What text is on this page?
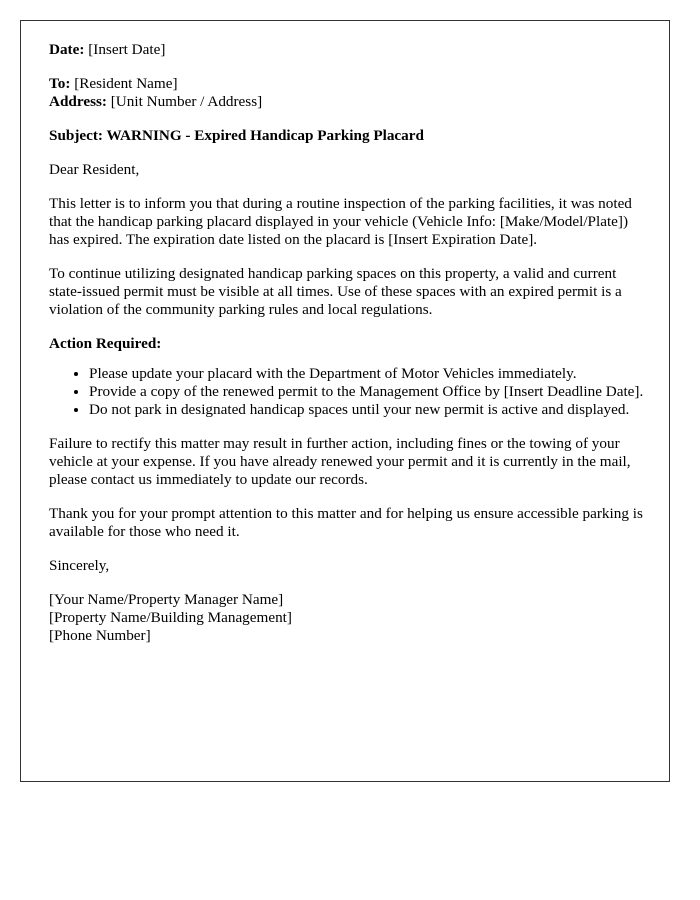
Date: [Insert Date]

To: [Resident Name]

Address: [Unit Number / Address]

Subject: WARNING - Expired Handicap Parking Placard

Dear Resident,

This letter is to inform you that during a routine inspection of the parking facilities, it was noted that the handicap parking placard displayed in your vehicle (Vehicle Info: [Make/Model/Plate]) has expired. The expiration date listed on the placard is [Insert Expiration Date].

To continue utilizing designated handicap parking spaces on this property, a valid and current state-issued permit must be visible at all times. Use of these spaces with an expired permit is a violation of the community parking rules and local regulations.

Action Required:

• Please update your placard with the Department of Motor Vehicles immediately.
• Provide a copy of the renewed permit to the Management Office by [Insert Deadline Date].
• Do not park in designated handicap spaces until your new permit is active and displayed.

Failure to rectify this matter may result in further action, including fines or the towing of your vehicle at your expense. If you have already renewed your permit and it is currently in the mail, please contact us immediately to update our records.

Thank you for your prompt attention to this matter and for helping us ensure accessible parking is available for those who need it.

Sincerely,

[Your Name/Property Manager Name]

[Property Name/Building Management]

[Phone Number]
